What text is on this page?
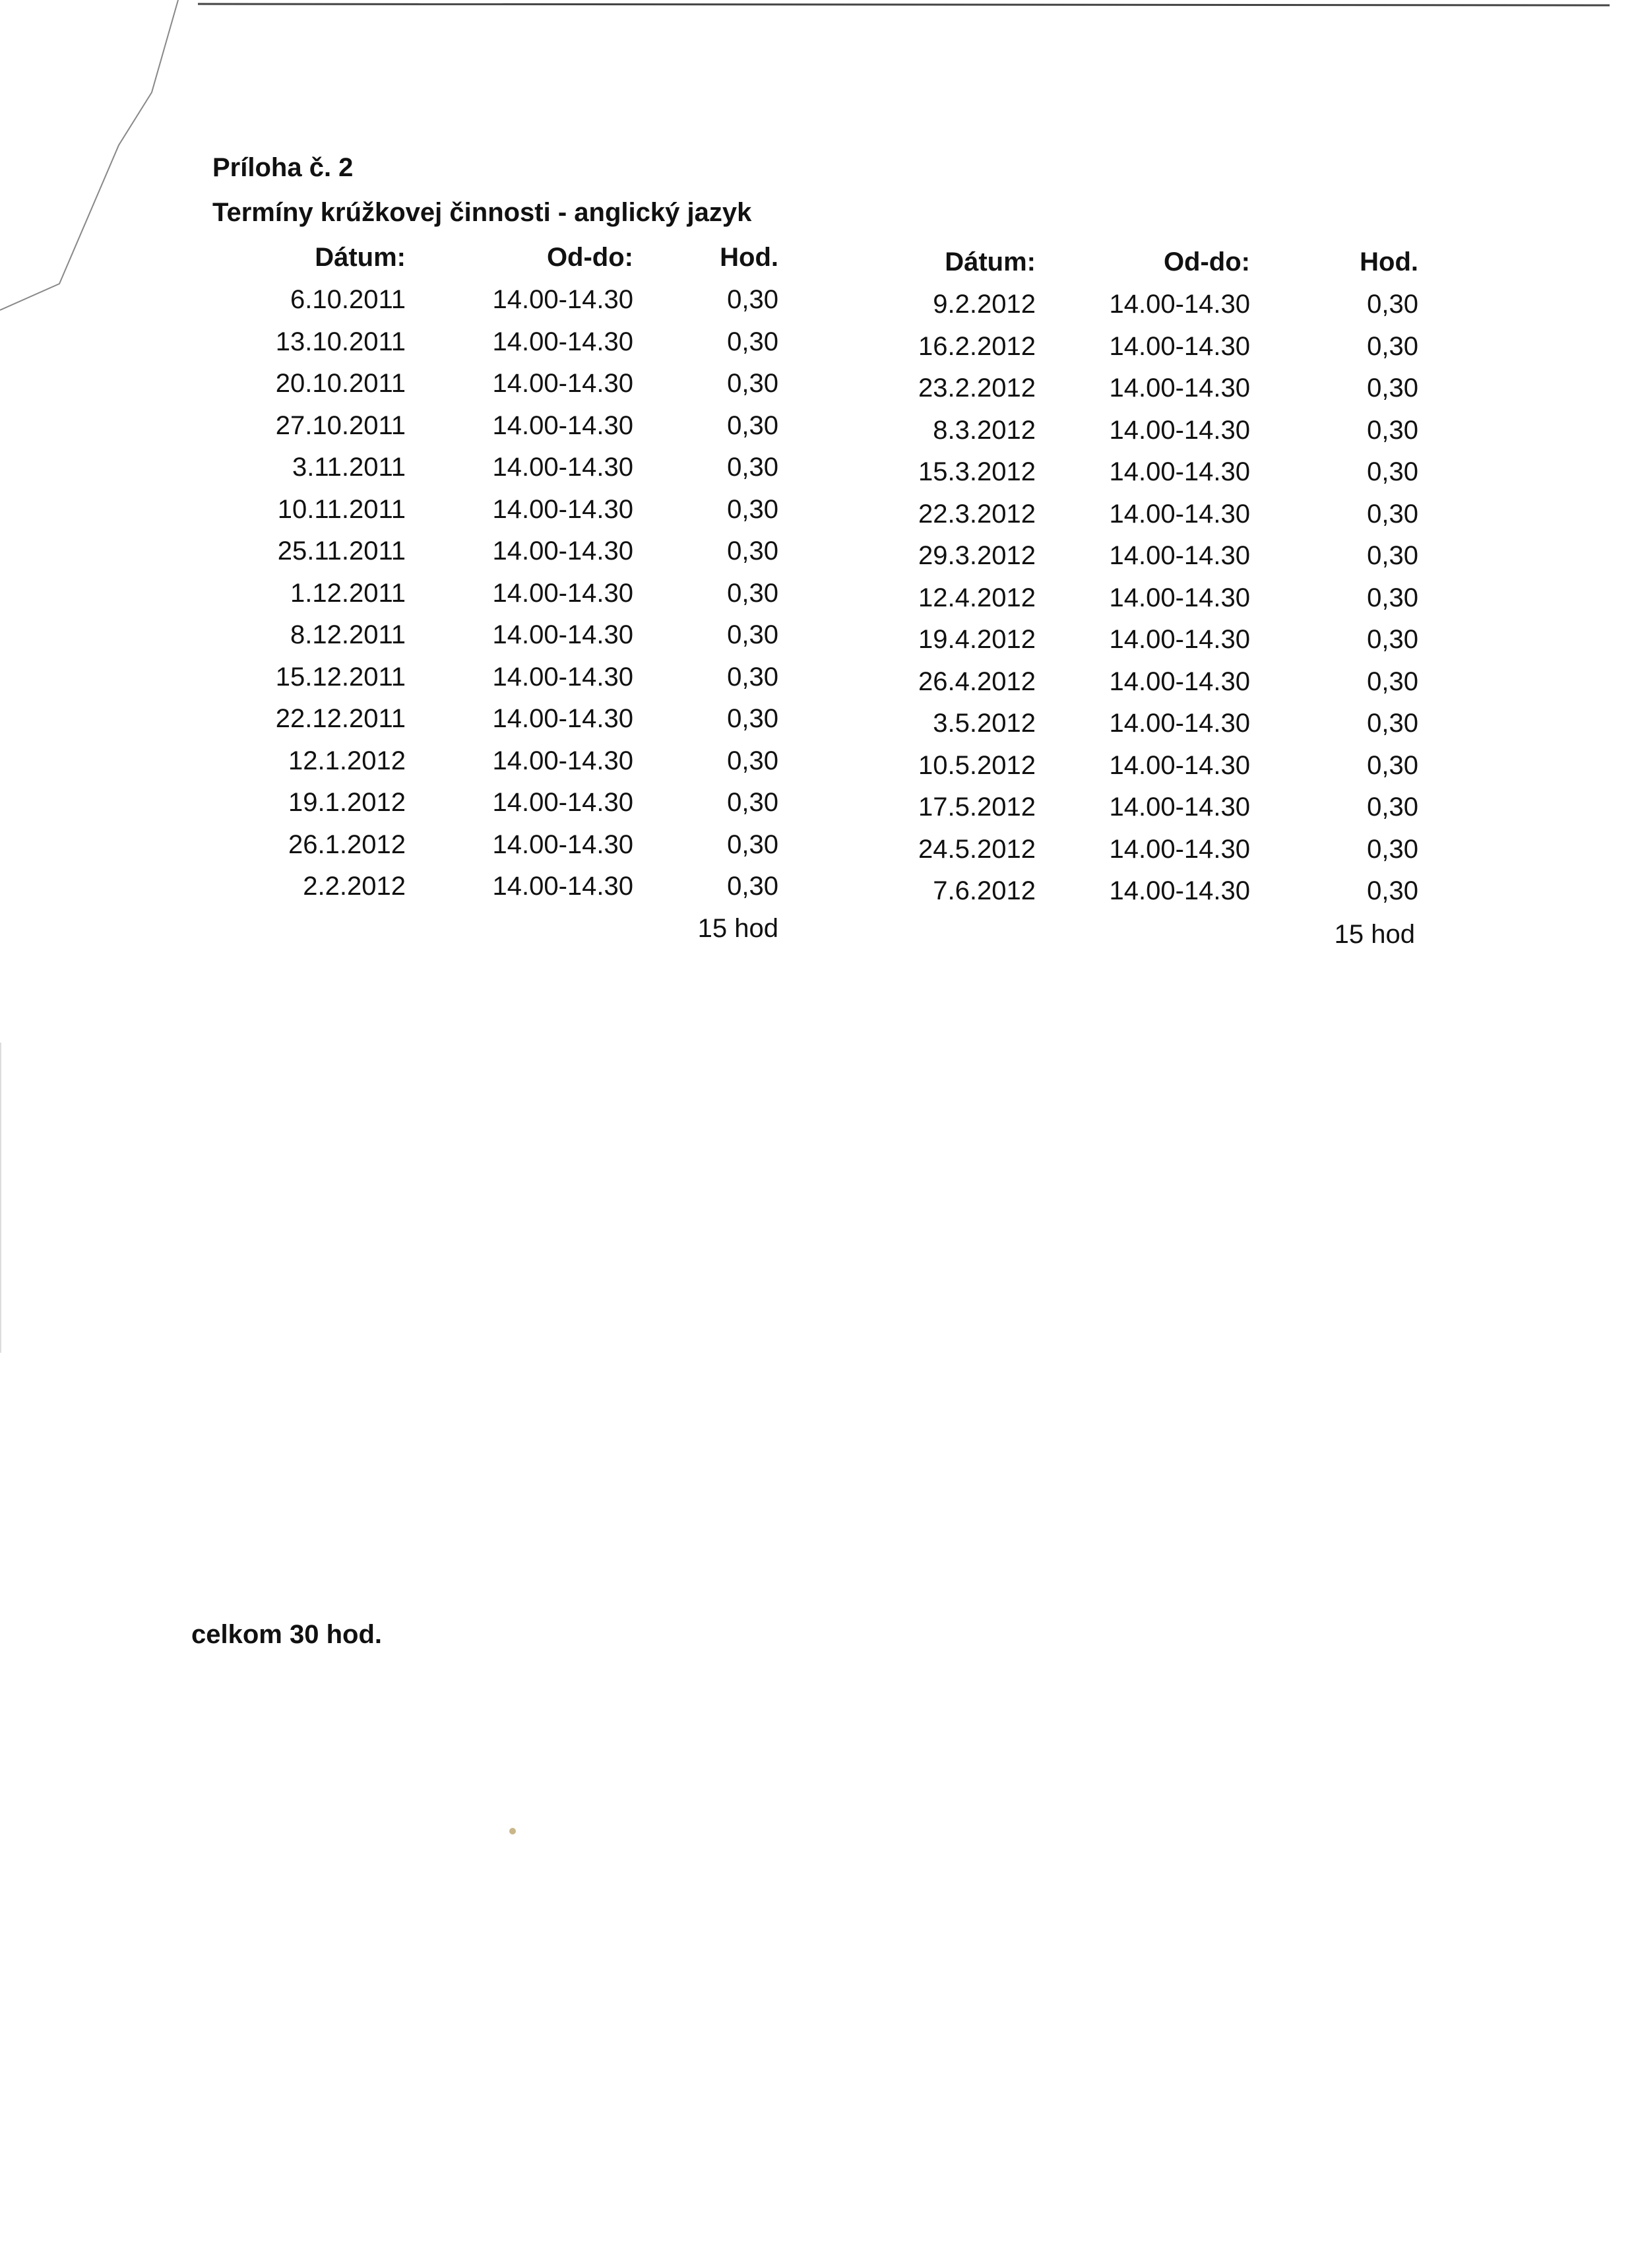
Príloha č. 2
Termíny krúžkovej činnosti - anglický jazyk
Dátum:	Od-do:	Hod.
6.10.2011	14.00-14.30	0,30
13.10.2011	14.00-14.30	0,30
20.10.2011	14.00-14.30	0,30
27.10.2011	14.00-14.30	0,30
3.11.2011	14.00-14.30	0,30
10.11.2011	14.00-14.30	0,30
25.11.2011	14.00-14.30	0,30
1.12.2011	14.00-14.30	0,30
8.12.2011	14.00-14.30	0,30
15.12.2011	14.00-14.30	0,30
22.12.2011	14.00-14.30	0,30
12.1.2012	14.00-14.30	0,30
19.1.2012	14.00-14.30	0,30
26.1.2012	14.00-14.30	0,30
2.2.2012	14.00-14.30	0,30
15 hod
Dátum:	Od-do:	Hod.
9.2.2012	14.00-14.30	0,30
16.2.2012	14.00-14.30	0,30
23.2.2012	14.00-14.30	0,30
8.3.2012	14.00-14.30	0,30
15.3.2012	14.00-14.30	0,30
22.3.2012	14.00-14.30	0,30
29.3.2012	14.00-14.30	0,30
12.4.2012	14.00-14.30	0,30
19.4.2012	14.00-14.30	0,30
26.4.2012	14.00-14.30	0,30
3.5.2012	14.00-14.30	0,30
10.5.2012	14.00-14.30	0,30
17.5.2012	14.00-14.30	0,30
24.5.2012	14.00-14.30	0,30
7.6.2012	14.00-14.30	0,30
15 hod
celkom 30 hod.
